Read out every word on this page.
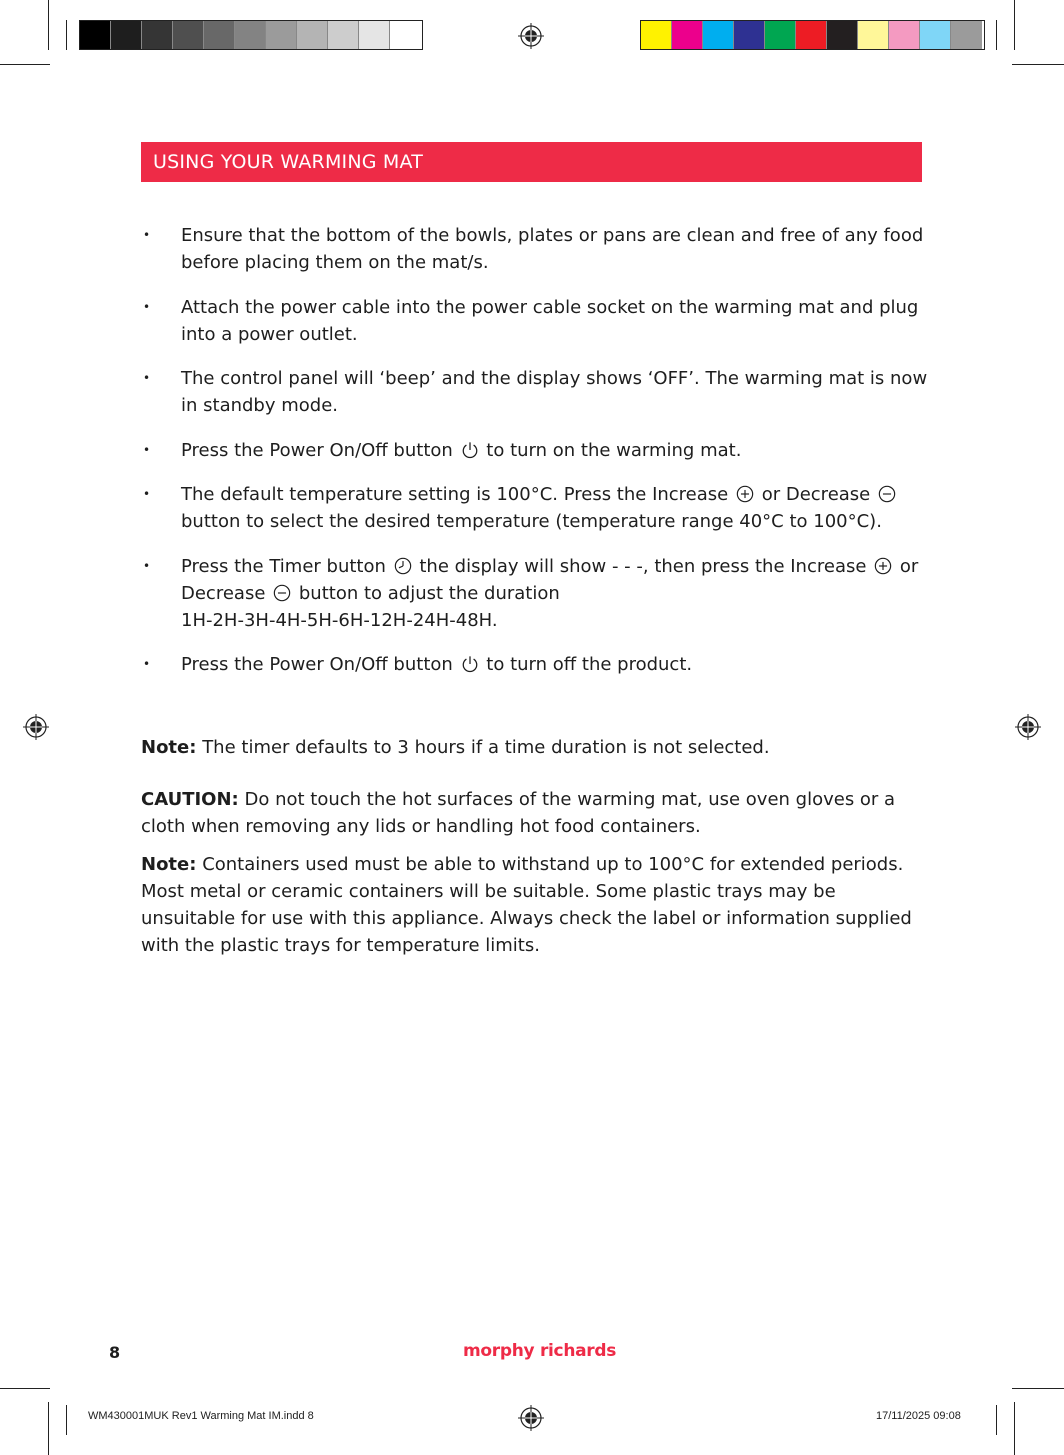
USING YOUR WARMING MAT
• Ensure that the bottom of the bowls, plates or pans are clean and free of any food before placing them on the mat/s.
• Attach the power cable into the power cable socket on the warming mat and plug into a power outlet.
• The control panel will ‘beep’ and the display shows ‘OFF’. The warming mat is now in standby mode.
• Press the Power On/Off button to turn on the warming mat.
• The default temperature setting is 100°C. Press the Increase or Decrease  button to select the desired temperature (temperature range 40°C to 100°C).
• Press the Timer button the display will show - - -, then press the Increase or Decrease button to adjust the duration
1H-2H-3H-4H-5H-6H-12H-24H-48H.
• Press the Power On/Off button to turn off the product.
Note: The timer defaults to 3 hours if a time duration is not selected.
CAUTION: Do not touch the hot surfaces of the warming mat, use oven gloves or a cloth when removing any lids or handling hot food containers.
Note: Containers used must be able to withstand up to 100°C for extended periods. Most metal or ceramic containers will be suitable. Some plastic trays may be unsuitable for use with this appliance. Always check the label or information supplied with the plastic trays for temperature limits.
8	morphy richards
WM430001MUK Rev1 Warming Mat IM.indd 8	17/11/2025 09:08
